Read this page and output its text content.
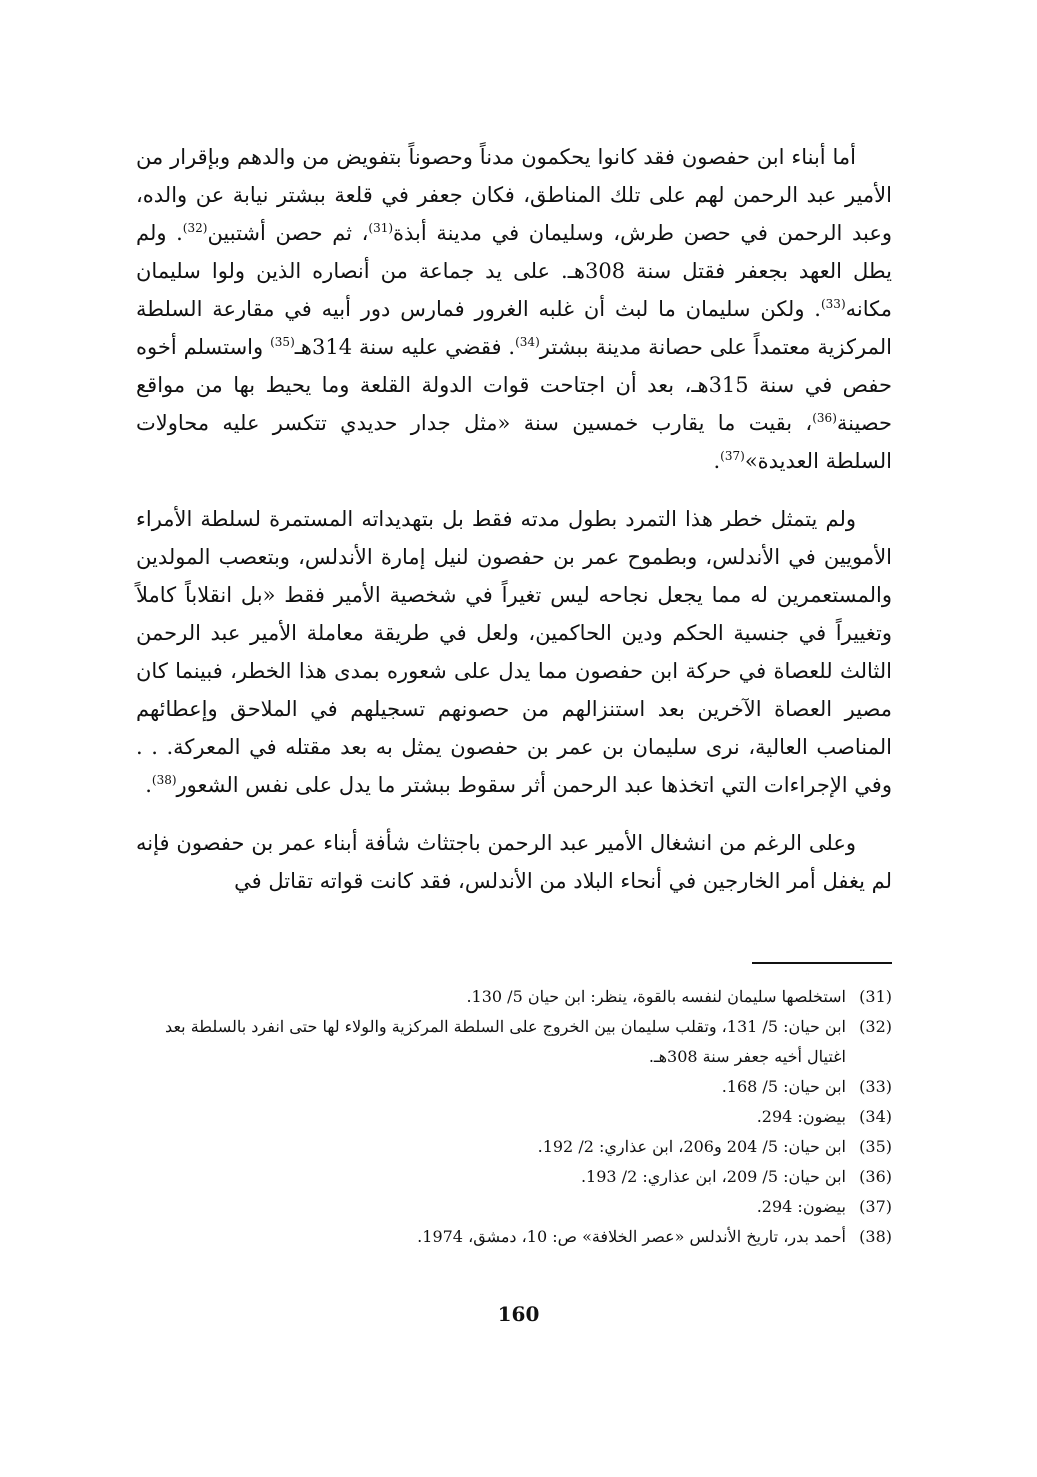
أما أبناء ابن حفصون فقد كانوا يحكمون مدناً وحصوناً بتفويض من والدهم وبإقرار من الأمير عبد الرحمن لهم على تلك المناطق، فكان جعفر في قلعة ببشتر نيابة عن والده، وعبد الرحمن في حصن طرش، وسليمان في مدينة أبذة$^{(31)}$، ثم حصن أشتبين$^{(32)}$. ولم يطل العهد بجعفر فقتل سنة 308هـ. على يد جماعة من أنصاره الذين ولوا سليمان مكانه$^{(33)}$. ولكن سليمان ما لبث أن غلبه الغرور فمارس دور أبيه في مقارعة السلطة المركزية معتمداً على حصانة مدينة ببشتر$^{(34)}$. فقضي عليه سنة 314هـ$^{(35)}$ واستسلم أخوه حفص في سنة 315هـ، بعد أن اجتاحت قوات الدولة القلعة وما يحيط بها من مواقع حصينة$^{(36)}$، بقيت ما يقارب خمسين سنة «مثل جدار حديدي تتكسر عليه محاولات السلطة العديدة»$^{(37)}$.

ولم يتمثل خطر هذا التمرد بطول مدته فقط بل بتهديداته المستمرة لسلطة الأمراء الأمويين في الأندلس، وبطموح عمر بن حفصون لنيل إمارة الأندلس، وبتعصب المولدين والمستعمرين له مما يجعل نجاحه ليس تغيراً في شخصية الأمير فقط «بل انقلاباً كاملاً وتغييراً في جنسية الحكم ودين الحاكمين، ولعل في طريقة معاملة الأمير عبد الرحمن الثالث للعصاة في حركة ابن حفصون مما يدل على شعوره بمدى هذا الخطر، فبينما كان مصير العصاة الآخرين بعد استنزالهم من حصونهم تسجيلهم في الملاحق وإعطائهم المناصب العالية، نرى سليمان بن عمر بن حفصون يمثل به بعد مقتله في المعركة. . . وفي الإجراءات التي اتخذها عبد الرحمن أثر سقوط ببشتر ما يدل على نفس الشعور$^{(38)}$.

وعلى الرغم من انشغال الأمير عبد الرحمن باجتثاث شأفة أبناء عمر بن حفصون فإنه لم يغفل أمر الخارجين في أنحاء البلاد من الأندلس، فقد كانت قواته تقاتل في

(31)
استخلصها سليمان لنفسه بالقوة، ينظر: ابن حيان 5/ 130.
(32)
ابن حيان: 5/ 131، وتقلب سليمان بين الخروج على السلطة المركزية والولاء لها حتى انفرد بالسلطة بعد اغتيال أخيه جعفر سنة 308هـ.
(33)
ابن حيان: 5/ 168.
(34)
بيضون: 294.
(35)
ابن حيان: 5/ 204 و206، ابن عذاري: 2/ 192.
(36)
ابن حيان: 5/ 209، ابن عذاري: 2/ 193.
(37)
بيضون: 294.
(38)
أحمد بدر، تاريخ الأندلس «عصر الخلافة» ص: 10، دمشق، 1974.
160
